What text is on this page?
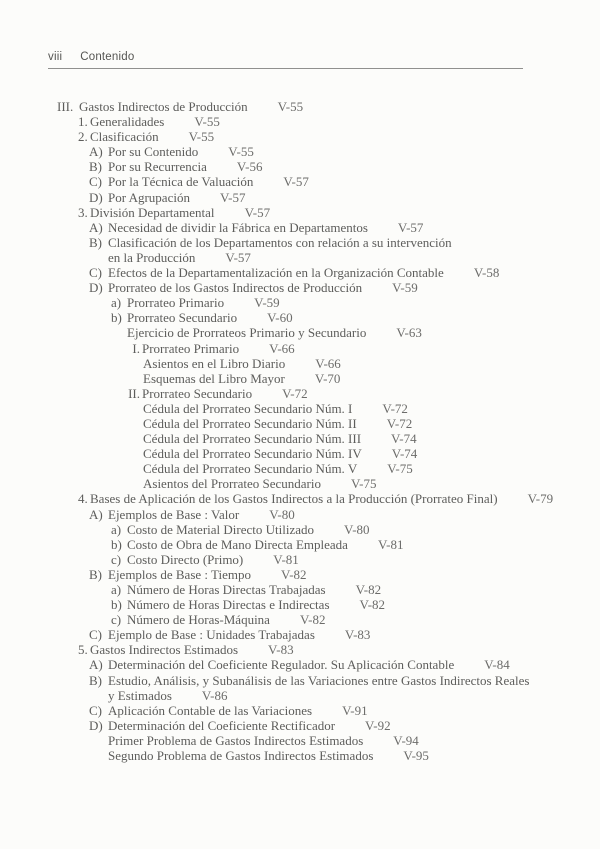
viii Contenido
III. Gastos Indirectos de Producción V-55
1. Generalidades V-55
2. Clasificación V-55
A) Por su Contenido V-55
B) Por su Recurrencia V-56
C) Por la Técnica de Valuación V-57
D) Por Agrupación V-57
3. División Departamental V-57
A) Necesidad de dividir la Fábrica en Departamentos V-57
B) Clasificación de los Departamentos con relación a su intervención
en la Producción V-57
C) Efectos de la Departamentalización en la Organización Contable V-58
D) Prorrateo de los Gastos Indirectos de Producción V-59
a) Prorrateo Primario V-59
b) Prorrateo Secundario V-60
Ejercicio de Prorrateos Primario y Secundario V-63
I. Prorrateo Primario V-66
Asientos en el Libro Diario V-66
Esquemas del Libro Mayor V-70
II. Prorrateo Secundario V-72
Cédula del Prorrateo Secundario Núm. I V-72
Cédula del Prorrateo Secundario Núm. II V-72
Cédula del Prorrateo Secundario Núm. III V-74
Cédula del Prorrateo Secundario Núm. IV V-74
Cédula del Prorrateo Secundario Núm. V V-75
Asientos del Prorrateo Secundario V-75
4. Bases de Aplicación de los Gastos Indirectos a la Producción (Prorrateo Final) V-79
A) Ejemplos de Base : Valor V-80
a) Costo de Material Directo Utilizado V-80
b) Costo de Obra de Mano Directa Empleada V-81
c) Costo Directo (Primo) V-81
B) Ejemplos de Base : Tiempo V-82
a) Número de Horas Directas Trabajadas V-82
b) Número de Horas Directas e Indirectas V-82
c) Número de Horas-Máquina V-82
C) Ejemplo de Base : Unidades Trabajadas V-83
5. Gastos Indirectos Estimados V-83
A) Determinación del Coeficiente Regulador. Su Aplicación Contable V-84
B) Estudio, Análisis, y Subanálisis de las Variaciones entre Gastos Indirectos Reales
y Estimados V-86
C) Aplicación Contable de las Variaciones V-91
D) Determinación del Coeficiente Rectificador V-92
Primer Problema de Gastos Indirectos Estimados V-94
Segundo Problema de Gastos Indirectos Estimados V-95
